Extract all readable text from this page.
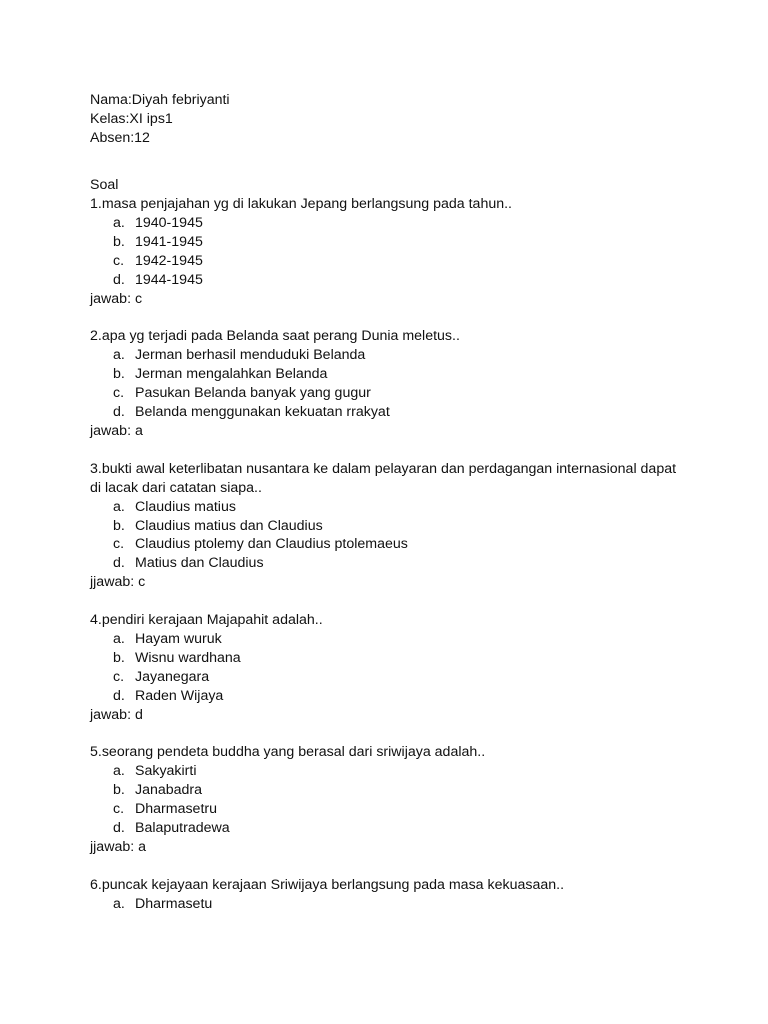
Nama:Diyah febriyanti
Kelas:XI ips1
Absen:12
Soal
1.masa penjajahan yg di lakukan Jepang berlangsung pada tahun..
a. 1940-1945
b. 1941-1945
c. 1942-1945
d. 1944-1945
jawab: c
2.apa yg terjadi pada Belanda saat perang Dunia meletus..
a. Jerman berhasil menduduki Belanda
b. Jerman mengalahkan Belanda
c. Pasukan Belanda banyak yang gugur
d. Belanda menggunakan kekuatan rrakyat
jawab: a
3.bukti awal keterlibatan nusantara ke dalam pelayaran dan perdagangan internasional dapat di lacak dari catatan siapa..
a. Claudius matius
b. Claudius matius dan Claudius
c. Claudius ptolemy dan Claudius ptolemaeus
d. Matius dan Claudius
jjawab: c
4.pendiri kerajaan Majapahit adalah..
a. Hayam wuruk
b. Wisnu wardhana
c. Jayanegara
d. Raden Wijaya
jawab: d
5.seorang pendeta buddha yang berasal dari sriwijaya adalah..
a. Sakyakirti
b. Janabadra
c. Dharmasetru
d. Balaputradewa
jjawab: a
6.puncak kejayaan kerajaan Sriwijaya berlangsung pada masa kekuasaan..
a. Dharmasetu
